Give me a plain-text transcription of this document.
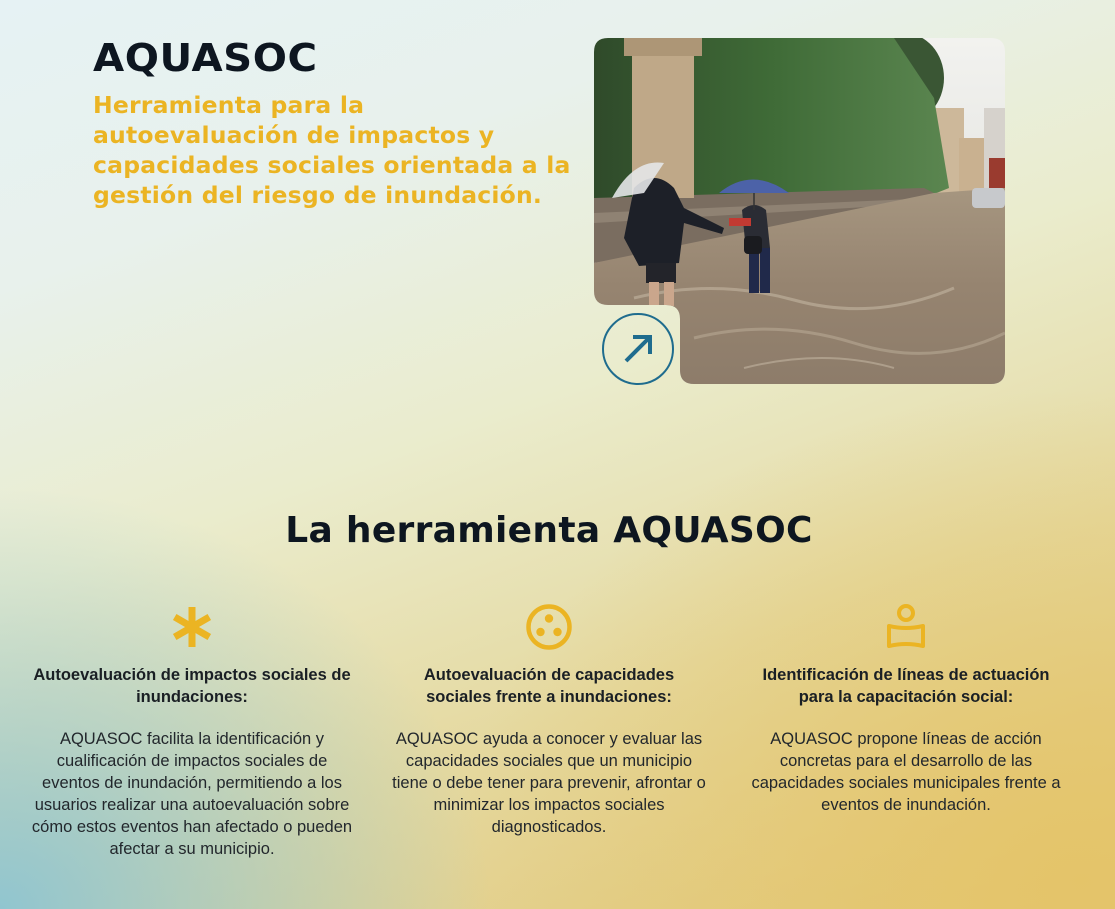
AQUASOC

Herramienta para la autoevaluación de impactos y capacidades sociales orientada a la gestión del riesgo de inundación.

La herramienta AQUASOC
Autoevaluación de impactos sociales de inundaciones:
AQUASOC facilita la identificación y cualificación de impactos sociales de eventos de inundación, permitiendo a los usuarios realizar una autoevaluación sobre cómo estos eventos han afectado o pueden afectar a su municipio.
Autoevaluación de capacidades sociales frente a inundaciones:
AQUASOC ayuda a conocer y evaluar las capacidades sociales que un municipio tiene o debe tener para prevenir, afrontar o minimizar los impactos sociales diagnosticados.
Identificación de líneas de actuación para la capacitación social:
AQUASOC propone líneas de acción concretas para el desarrollo de las capacidades sociales municipales frente a eventos de inundación.
